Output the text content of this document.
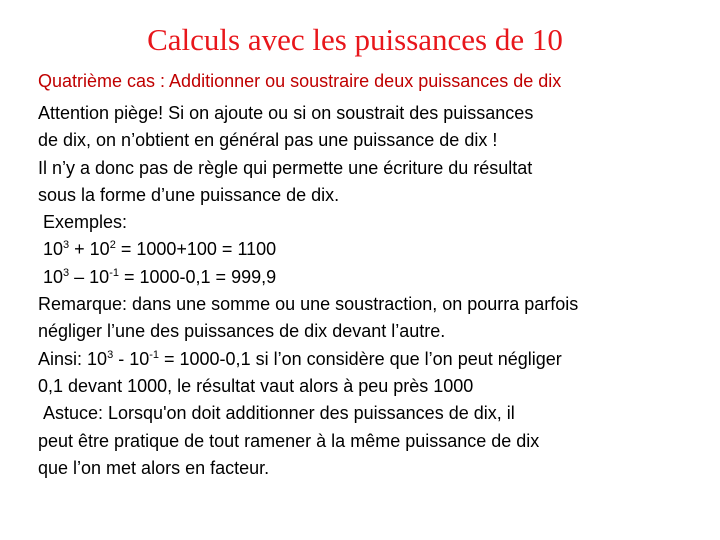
Calculs avec les puissances de 10
Quatrième cas : Additionner ou soustraire deux puissances de dix
Attention piège! Si on ajoute ou si on soustrait des puissances
de dix, on n’obtient en général pas une puissance de dix !
Il n’y a donc pas de règle qui permette une écriture du résultat
sous la forme d’une puissance de dix.
Exemples:
$10^3 + 10^2 = 1000+100 = 1100$
$10^3 - 10^{-1} = 1000-0,1 = 999,9$
Remarque: dans une somme ou une soustraction, on pourra parfois
négliger l’une des puissances de dix devant l’autre.
Ainsi: $10^3 - 10^{-1} = 1000-0,1$ si l’on considère que l’on peut négliger
0,1 devant 1000, le résultat vaut alors à peu près 1000
Astuce: Lorsqu'on doit additionner des puissances de dix, il
peut être pratique de tout ramener à la même puissance de dix
que l’on met alors en facteur.
